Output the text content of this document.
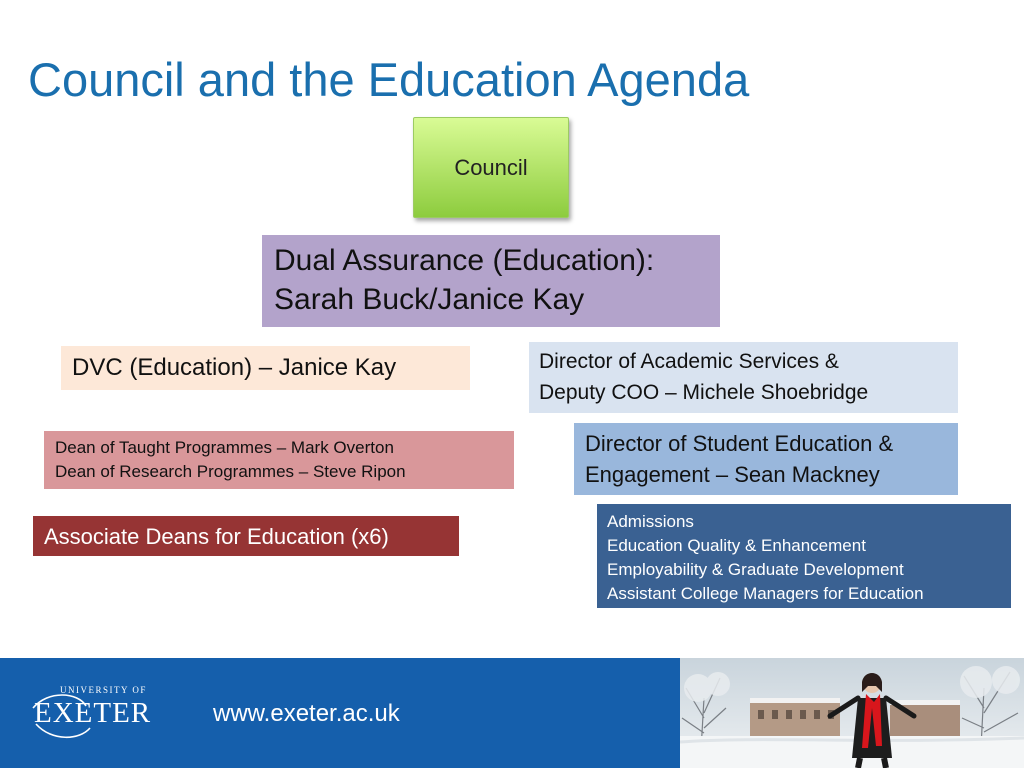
Council and the Education Agenda
Council
Dual Assurance (Education):
Sarah Buck/Janice Kay
DVC (Education) – Janice Kay	Director of Academic Services &
Deputy COO – Michele Shoebridge
Dean of Taught Programmes – Mark Overton
Dean of Research Programmes – Steve Ripon
Director of Student Education &
Engagement – Sean Mackney
Associate Deans for Education (x6)
Admissions
Education Quality & Enhancement
Employability & Graduate Development
Assistant College Managers for Education
UNIVERSITY OF
EXETER	www.exeter.ac.uk
